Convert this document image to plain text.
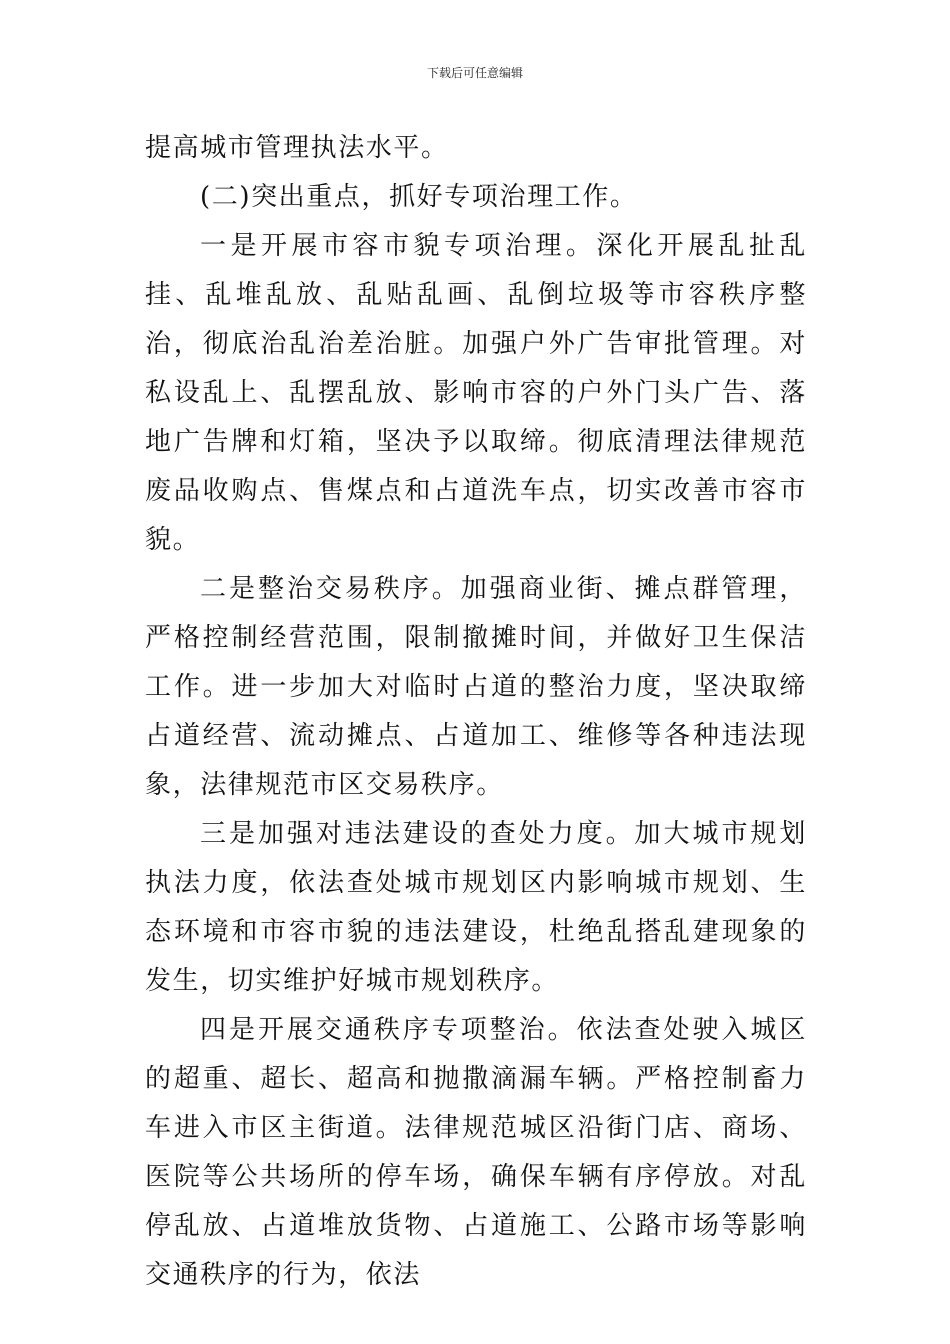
下载后可任意编辑

提高城市管理执法水平。

(二)突出重点，抓好专项治理工作。

一是开展市容市貌专项治理。深化开展乱扯乱挂、乱堆乱放、乱贴乱画、乱倒垃圾等市容秩序整治，彻底治乱治差治脏。加强户外广告审批管理。对私设乱上、乱摆乱放、影响市容的户外门头广告、落地广告牌和灯箱，坚决予以取缔。彻底清理法律规范废品收购点、售煤点和占道洗车点，切实改善市容市貌。

二是整治交易秩序。加强商业街、摊点群管理，严格控制经营范围，限制撤摊时间，并做好卫生保洁工作。进一步加大对临时占道的整治力度，坚决取缔占道经营、流动摊点、占道加工、维修等各种违法现象，法律规范市区交易秩序。

三是加强对违法建设的查处力度。加大城市规划执法力度，依法查处城市规划区内影响城市规划、生态环境和市容市貌的违法建设，杜绝乱搭乱建现象的发生，切实维护好城市规划秩序。

四是开展交通秩序专项整治。依法查处驶入城区的超重、超长、超高和抛撒滴漏车辆。严格控制畜力车进入市区主街道。法律规范城区沿街门店、商场、医院等公共场所的停车场，确保车辆有序停放。对乱停乱放、占道堆放货物、占道施工、公路市场等影响交通秩序的行为，依法
